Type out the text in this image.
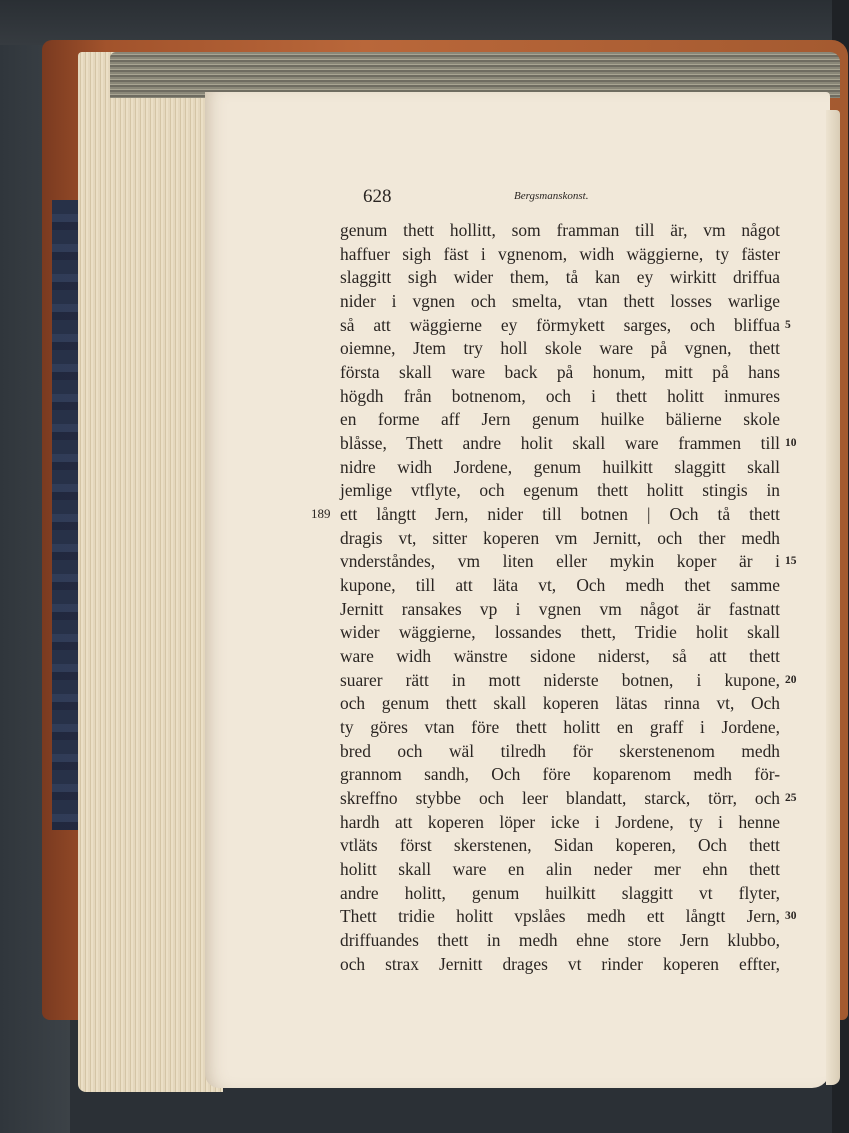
628	Bergsmanskonst.
genum thett hollitt, som framman till är, vm något
haffuer sigh fäst i vgnenom, widh wäggierne, ty fäster
slaggitt sigh wider them, tå kan ey wirkitt driffua
nider i vgnen och smelta, vtan thett losses warlige
så att wäggierne ey förmykett sarges, och bliffua
oiemne, Jtem try holl skole ware på vgnen, thett
första skall ware back på honum, mitt på hans
högdh från botnenom, och i thett holitt inmures
en forme aff Jern genum huilke bälierne skole
blåsse, Thett andre holit skall ware frammen till
nidre widh Jordene, genum huilkitt slaggitt skall
jemlige vtflyte, och egenum thett holitt stingis in
ett långtt Jern, nider till botnen | Och tå thett
dragis vt, sitter koperen vm Jernitt, och ther medh
vnderståndes, vm liten eller mykin koper är i
kupone, till att läta vt, Och medh thet samme
Jernitt ransakes vp i vgnen vm något är fastnatt
wider wäggierne, lossandes thett, Tridie holit skall
ware widh wänstre sidone niderst, så att thett
suarer rätt in mott niderste botnen, i kupone,
och genum thett skall koperen lätas rinna vt, Och
ty göres vtan före thett holitt en graff i Jordene,
bred och wäl tilredh för skerstenenom medh
grannom sandh, Och före koparenom medh för-
skreffno stybbe och leer blandatt, starck, törr, och
hardh att koperen löper icke i Jordene, ty i henne
vtläts först skerstenen, Sidan koperen, Och thett
holitt skall ware en alin neder mer ehn thett
andre holitt, genum huilkitt slaggitt vt flyter,
Thett tridie holitt vpslåes medh ett långtt Jern,
driffuandes thett in medh ehne store Jern klubbo,
och strax Jernitt drages vt rinder koperen effter,
5
10
15
20
25
30
189
